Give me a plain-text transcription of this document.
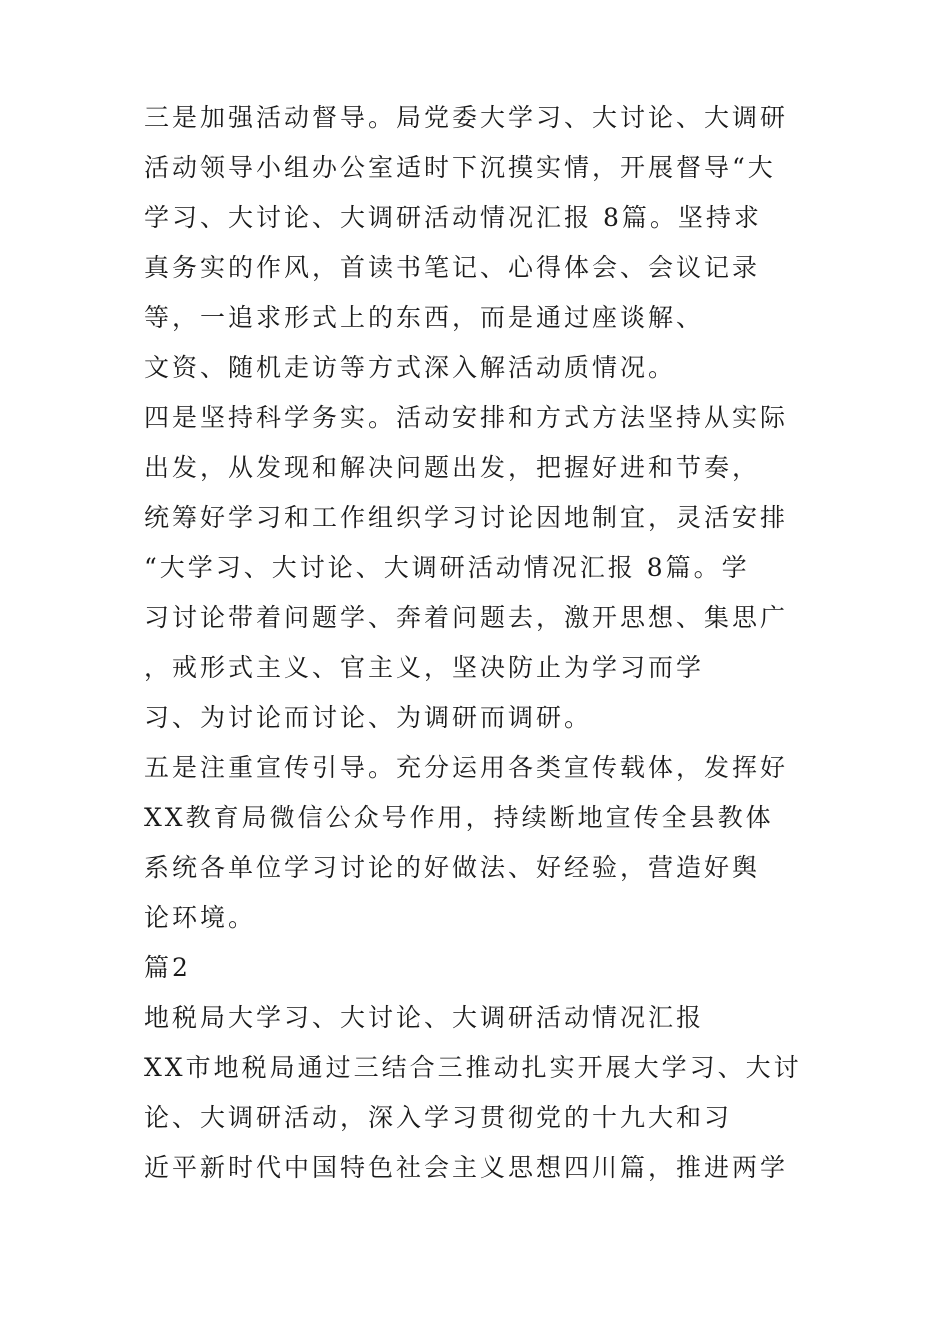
三是加强活动督导。局党委大学习、大讨论、大调研
活动领导小组办公室适时下沉摸实情，开展督导“大
学习、大讨论、大调研活动情况汇报 8篇。坚持求
真务实的作风，首读书笔记、心得体会、会议记录
等，一追求形式上的东西，而是通过座谈解、
文资、随机走访等方式深入解活动质情况。
四是坚持科学务实。活动安排和方式方法坚持从实际
出发，从发现和解决问题出发，把握好进和节奏，
统筹好学习和工作组织学习讨论因地制宜，灵活安排
“大学习、大讨论、大调研活动情况汇报 8篇。学
习讨论带着问题学、奔着问题去，激开思想、集思广
，戒形式主义、官主义，坚决防止为学习而学
习、为讨论而讨论、为调研而调研。
五是注重宣传引导。充分运用各类宣传载体，发挥好
XX教育局微信公众号作用，持续断地宣传全县教体
系统各单位学习讨论的好做法、好经验，营造好舆
论环境。
篇2
地税局大学习、大讨论、大调研活动情况汇报
XX市地税局通过三结合三推动扎实开展大学习、大讨
论、大调研活动，深入学习贯彻党的十九大和习
近平新时代中国特色社会主义思想四川篇，推进两学
